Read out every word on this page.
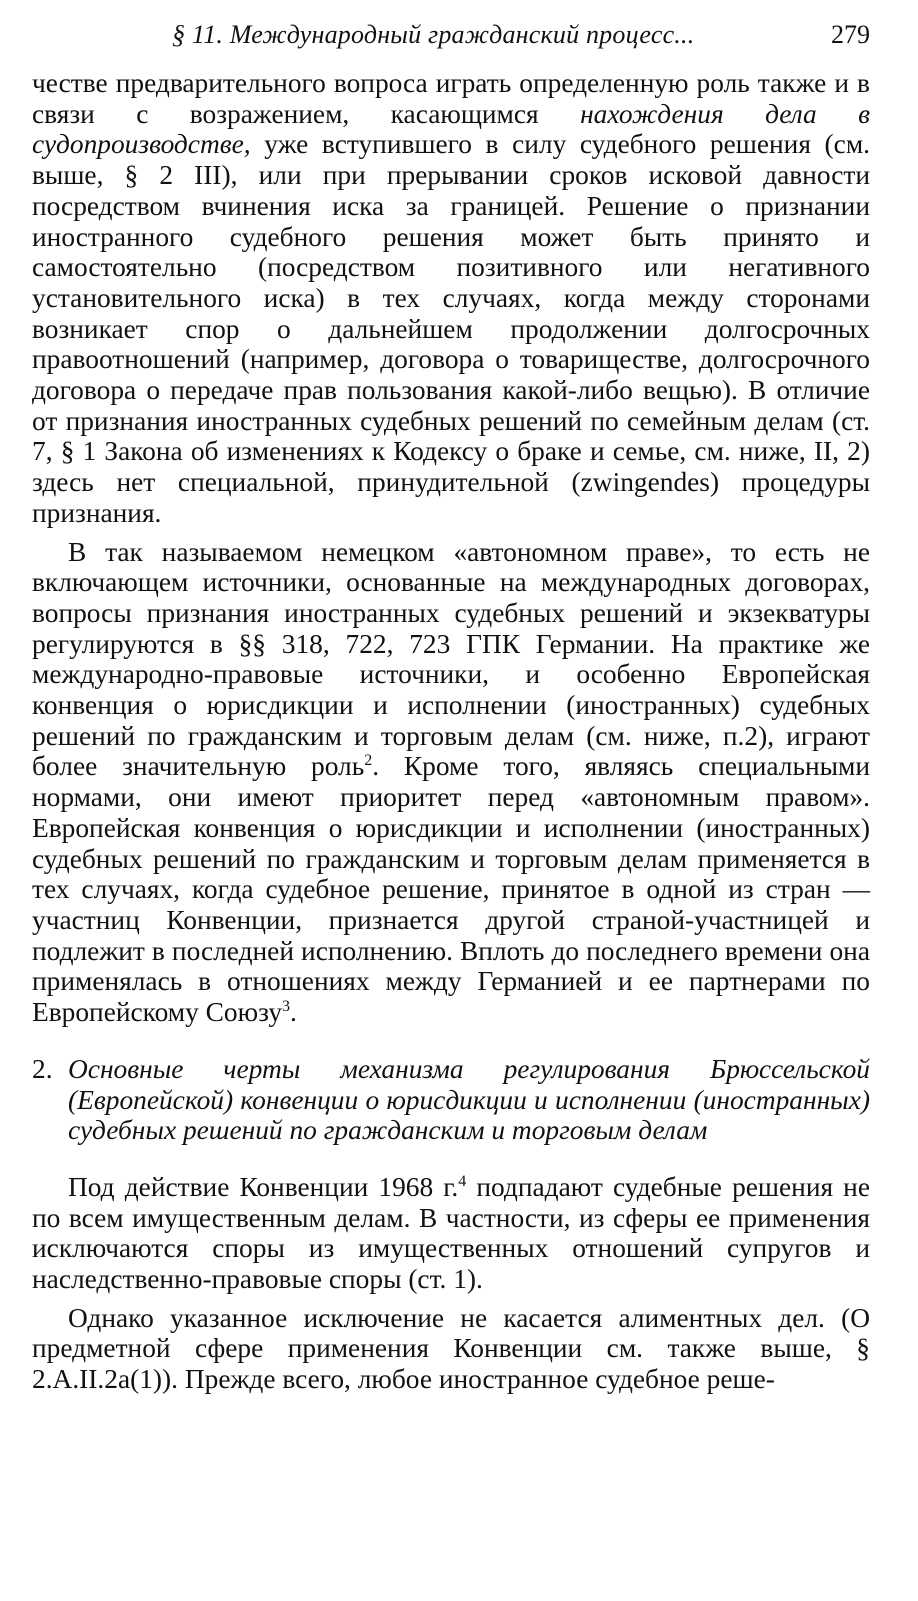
§ 11. Международный гражданский процесс...	279

честве предварительного вопроса играть определенную роль также и в связи с возражением, касающимся нахождения дела в судопроизводстве, уже вступившего в силу судебного решения (см. выше, § 2 III), или при прерывании сроков исковой давности посредством вчинения иска за границей. Решение о признании иностранного судебного решения может быть принято и самостоятельно (посредством позитивного или негативного установительного иска) в тех случаях, когда между сторонами возникает спор о дальнейшем продолжении долгосрочных правоотношений (например, договора о товариществе, долгосрочного договора о передаче прав пользования какой-либо вещью). В отличие от признания иностранных судебных решений по семейным делам (ст. 7, § 1 Закона об изменениях к Кодексу о браке и семье, см. ниже, II, 2) здесь нет специальной, принудительной (zwingendes) процедуры признания.

В так называемом немецком «автономном праве», то есть не включающем источники, основанные на международных договорах, вопросы признания иностранных судебных решений и экзекватуры регулируются в §§ 318, 722, 723 ГПК Германии. На практике же международно-правовые источники, и особенно Европейская конвенция о юрисдикции и исполнении (иностранных) судебных решений по гражданским и торговым делам (см. ниже, п.2), играют более значительную роль$^2$. Кроме того, являясь специальными нормами, они имеют приоритет перед «автономным правом». Европейская конвенция о юрисдикции и исполнении (иностранных) судебных решений по гражданским и торговым делам применяется в тех случаях, когда судебное решение, принятое в одной из стран — участниц Конвенции, признается другой страной-участницей и подлежит в последней исполнению. Вплоть до последнего времени она применялась в отношениях между Германией и ее партнерами по Европейскому Союзу$^3$.

2. Основные черты механизма регулирования Брюссельской (Европейской) конвенции о юрисдикции и исполнении (иностранных) судебных решений по гражданским и торговым делам

Под действие Конвенции 1968 г.$^4$ подпадают судебные решения не по всем имущественным делам. В частности, из сферы ее применения исключаются споры из имущественных отношений супругов и наследственно-правовые споры (ст. 1).

Однако указанное исключение не касается алиментных дел. (О предметной сфере применения Конвенции см. также выше, § 2.A.II.2a(1)). Прежде всего, любое иностранное судебное реше-
